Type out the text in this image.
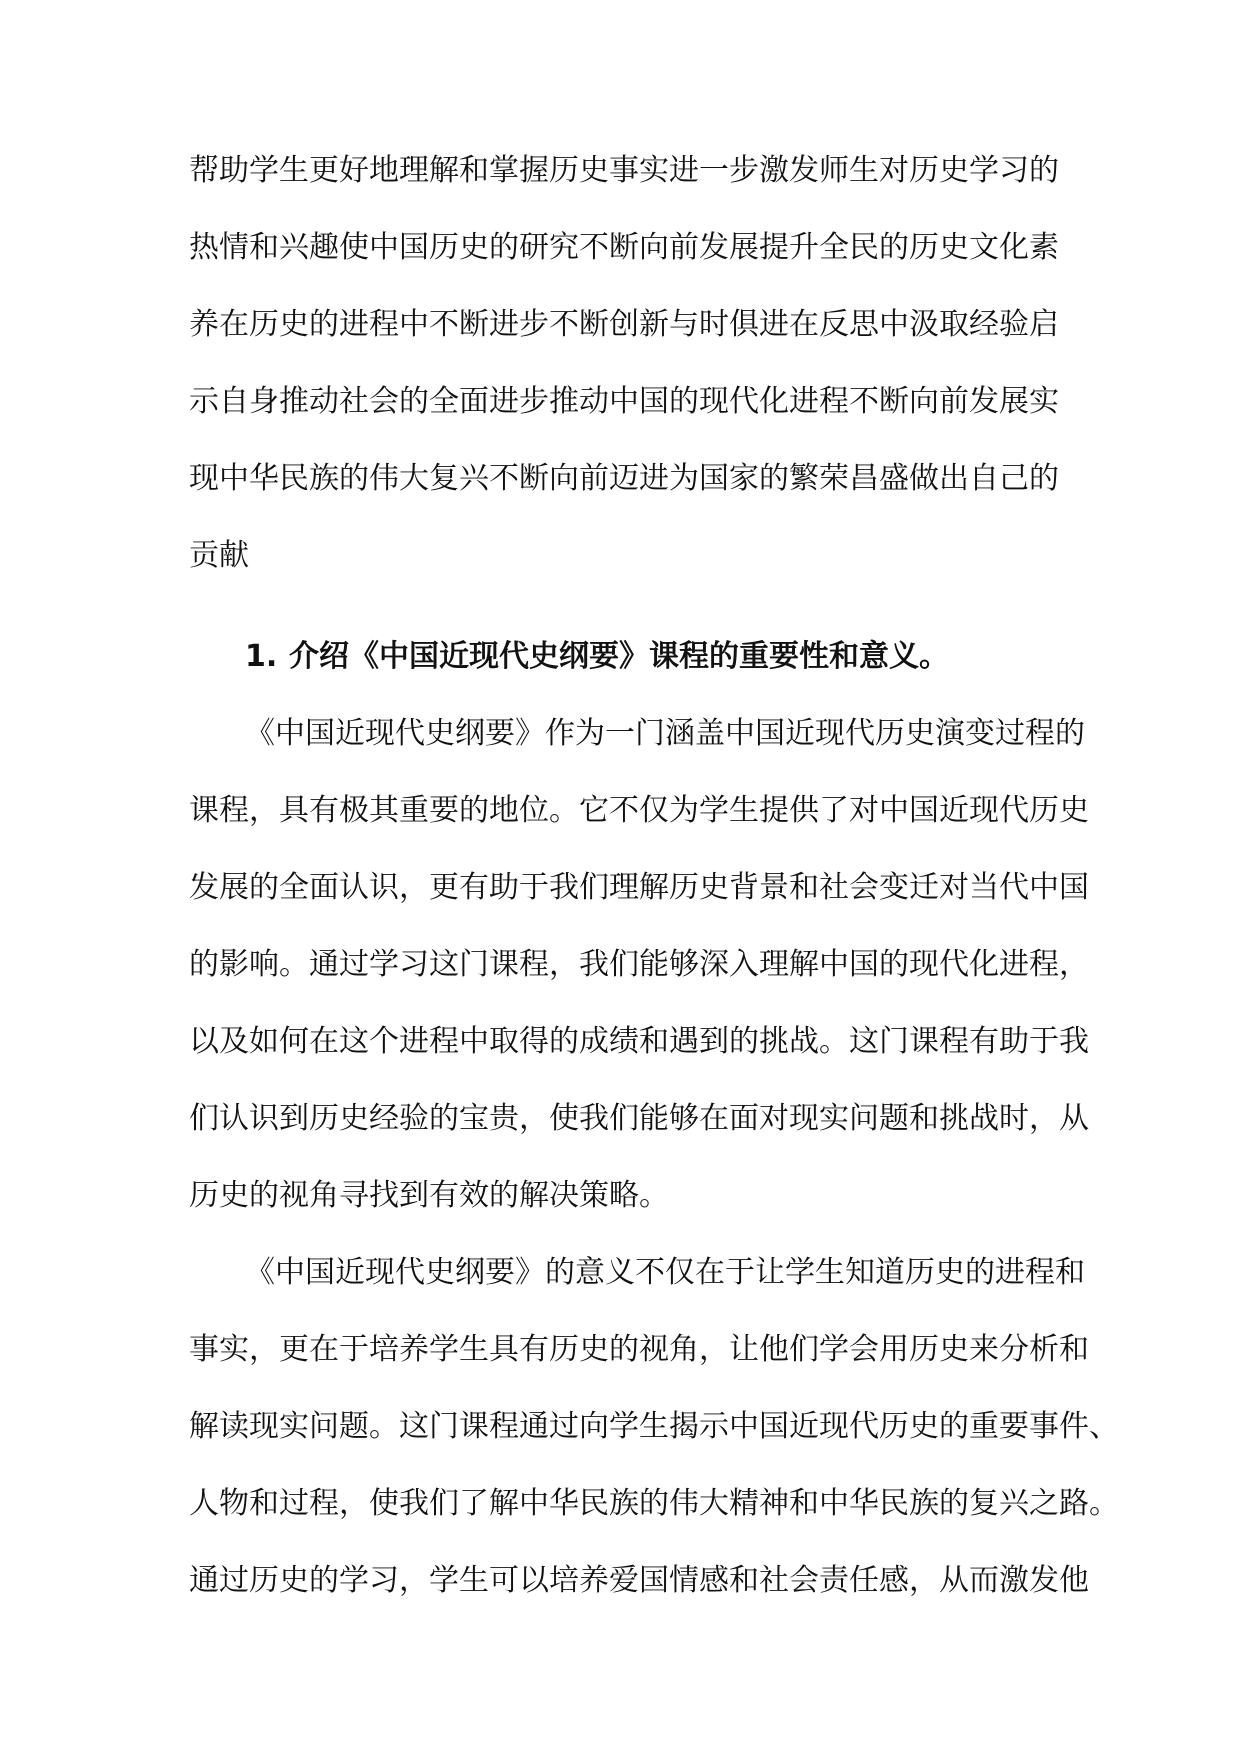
帮助学生更好地理解和掌握历史事实进一步激发师生对历史学习的
热情和兴趣使中国历史的研究不断向前发展提升全民的历史文化素
养在历史的进程中不断进步不断创新与时俱进在反思中汲取经验启
示自身推动社会的全面进步推动中国的现代化进程不断向前发展实
现中华民族的伟大复兴不断向前迈进为国家的繁荣昌盛做出自己的
贡献
1. 介绍《中国近现代史纲要》课程的重要性和意义。
《中国近现代史纲要》作为一门涵盖中国近现代历史演变过程的
课程，具有极其重要的地位。它不仅为学生提供了对中国近现代历史
发展的全面认识，更有助于我们理解历史背景和社会变迁对当代中国
的影响。通过学习这门课程，我们能够深入理解中国的现代化进程，
以及如何在这个进程中取得的成绩和遇到的挑战。这门课程有助于我
们认识到历史经验的宝贵，使我们能够在面对现实问题和挑战时，从
历史的视角寻找到有效的解决策略。
《中国近现代史纲要》的意义不仅在于让学生知道历史的进程和
事实，更在于培养学生具有历史的视角，让他们学会用历史来分析和
解读现实问题。这门课程通过向学生揭示中国近现代历史的重要事件、
人物和过程，使我们了解中华民族的伟大精神和中华民族的复兴之路。
通过历史的学习，学生可以培养爱国情感和社会责任感，从而激发他
